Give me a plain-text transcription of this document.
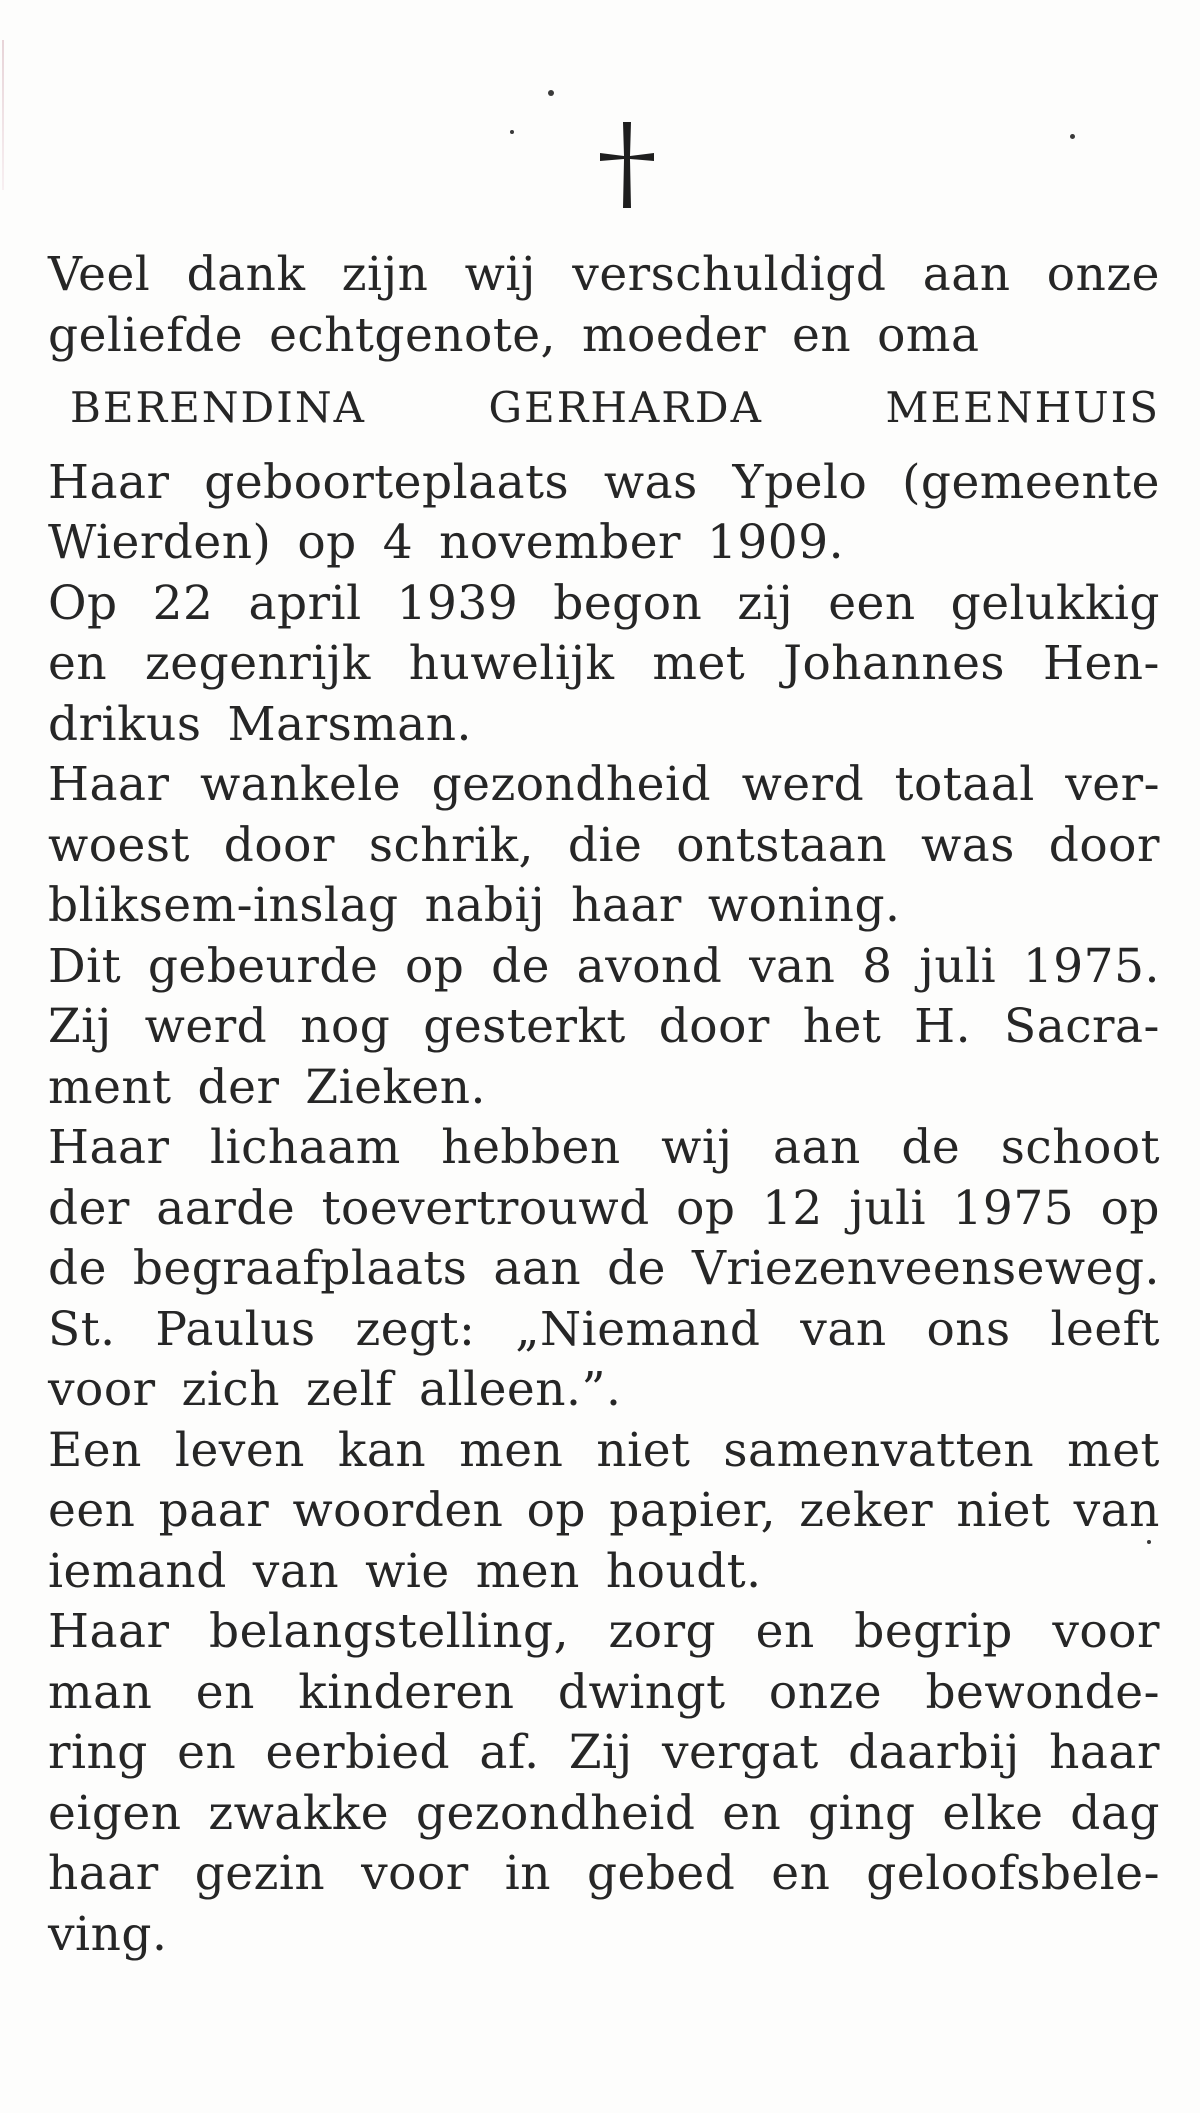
Veel dank zijn wij verschuldigd aan onze
geliefde echtgenote, moeder en oma
BERENDINA	GERHARDA	MEENHUIS
Haar geboorteplaats was Ypelo (gemeente
Wierden) op 4 november 1909.
Op 22 april 1939 begon zij een gelukkig
en zegenrijk huwelijk met Johannes Hen-
drikus Marsman.
Haar wankele gezondheid werd totaal ver-
woest door schrik, die ontstaan was door
bliksem-inslag nabij haar woning.
Dit gebeurde op de avond van 8 juli 1975.
Zij werd nog gesterkt door het H. Sacra-
ment der Zieken.
Haar lichaam hebben wij aan de schoot
der aarde toevertrouwd op 12 juli 1975 op
de begraafplaats aan de Vriezenveenseweg.
St. Paulus zegt: „Niemand van ons leeft
voor zich zelf alleen.”.
Een leven kan men niet samenvatten met
een paar woorden op papier, zeker niet van
iemand van wie men houdt.
Haar belangstelling, zorg en begrip voor
man en kinderen dwingt onze bewonde-
ring en eerbied af. Zij vergat daarbij haar
eigen zwakke gezondheid en ging elke dag
haar gezin voor in gebed en geloofsbele-
ving.
